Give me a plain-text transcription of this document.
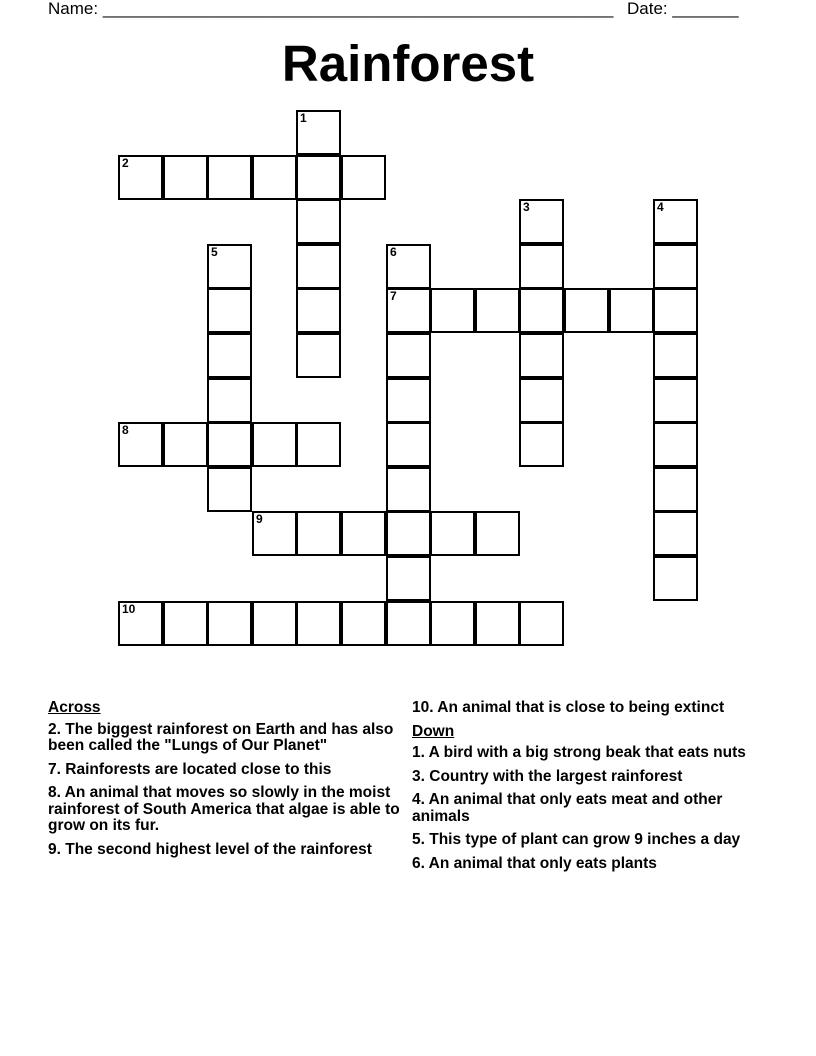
Name: ______________________________________________________ Date: _______
Rainforest
1
2
3	4
5	6
7
8
9
10
Across
2. The biggest rainforest on Earth and has also been called the "Lungs of Our Planet"
7. Rainforests are located close to this
8. An animal that moves so slowly in the moist rainforest of South America that algae is able to grow on its fur.
9. The second highest level of the rainforest
10. An animal that is close to being extinct
Down
1. A bird with a big strong beak that eats nuts
3. Country with the largest rainforest
4. An animal that only eats meat and other animals
5. This type of plant can grow 9 inches a day
6. An animal that only eats plants
